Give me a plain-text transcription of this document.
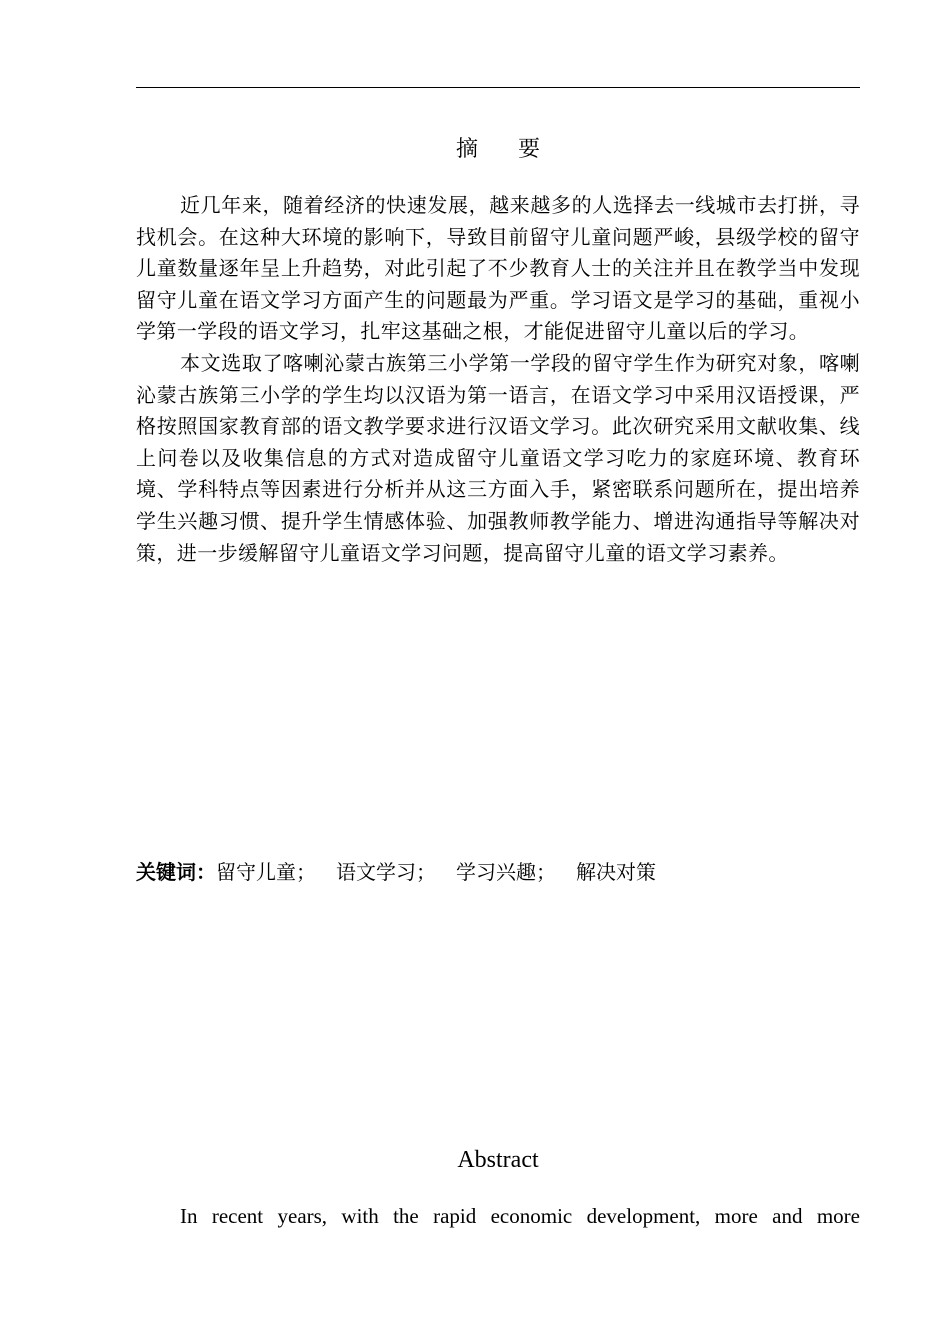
摘 要

近几年来，随着经济的快速发展，越来越多的人选择去一线城市去打拼，寻找机会。在这种大环境的影响下，导致目前留守儿童问题严峻，县级学校的留守儿童数量逐年呈上升趋势，对此引起了不少教育人士的关注并且在教学当中发现留守儿童在语文学习方面产生的问题最为严重。学习语文是学习的基础，重视小学第一学段的语文学习，扎牢这基础之根，才能促进留守儿童以后的学习。

本文选取了喀喇沁蒙古族第三小学第一学段的留守学生作为研究对象，喀喇沁蒙古族第三小学的学生均以汉语为第一语言，在语文学习中采用汉语授课，严格按照国家教育部的语文教学要求进行汉语文学习。此次研究采用文献收集、线上问卷以及收集信息的方式对造成留守儿童语文学习吃力的家庭环境、教育环境、学科特点等因素进行分析并从这三方面入手，紧密联系问题所在，提出培养学生兴趣习惯、提升学生情感体验、加强教师教学能力、增进沟通指导等解决对策，进一步缓解留守儿童语文学习问题，提高留守儿童的语文学习素养。

关键词：留守儿童； 语文学习； 学习兴趣； 解决对策
Abstract

In recent years, with the rapid economic development, more and more
